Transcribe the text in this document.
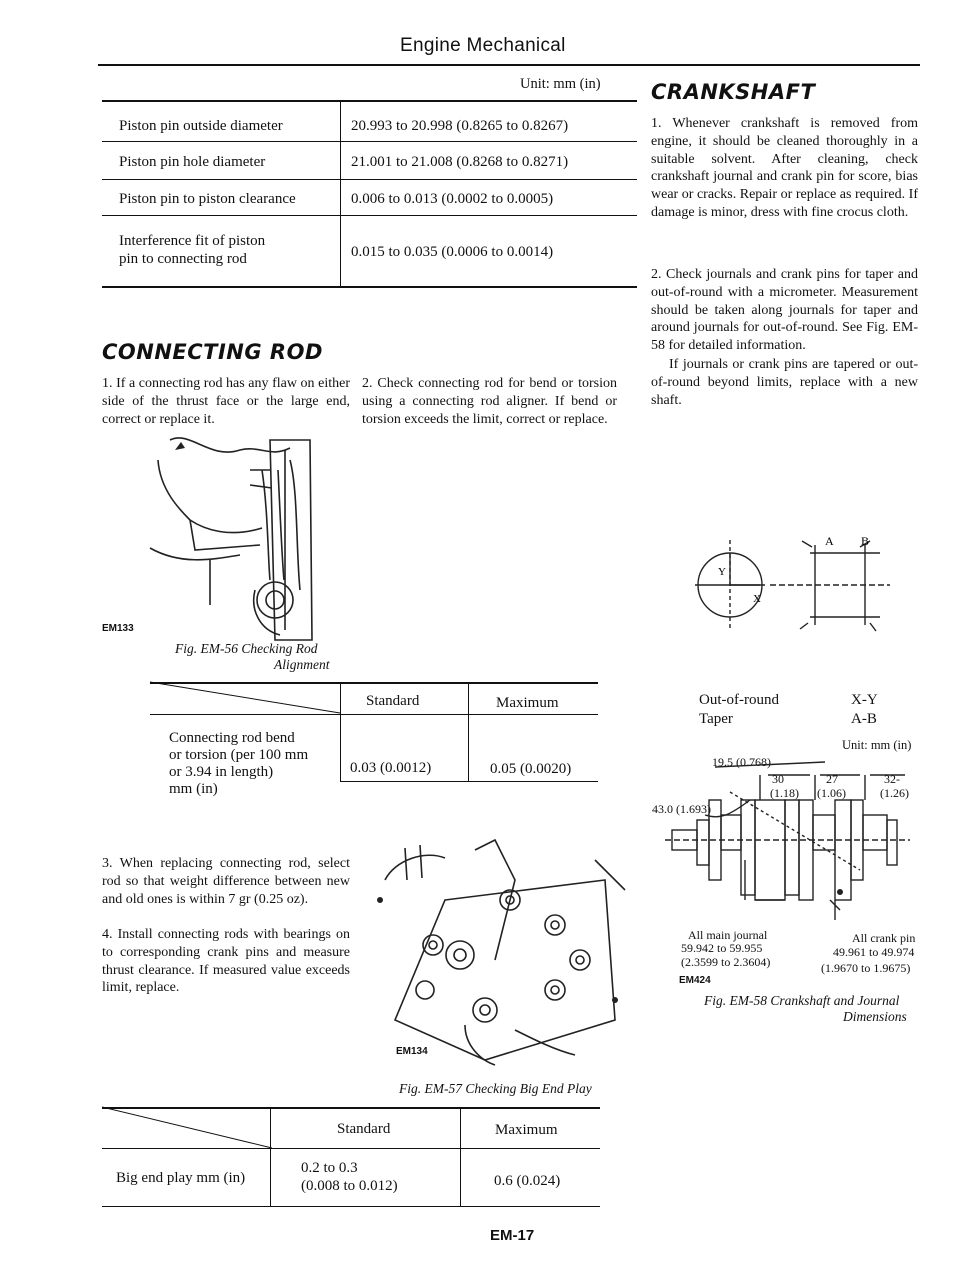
Engine Mechanical
Unit: mm (in)
Piston pin outside diameter	20.993 to 20.998 (0.8265 to 0.8267)
Piston pin hole diameter	21.001 to 21.008 (0.8268 to 0.8271)
Piston pin to piston clearance	0.006 to 0.013 (0.0002 to 0.0005)
Interference fit of piston
pin to connecting rod	0.015 to 0.035 (0.0006 to 0.0014)
CONNECTING ROD
1. If a connecting rod has any flaw on either side of the thrust face or the large end, correct or replace it.
2. Check connecting rod for bend or torsion using a connecting rod aligner. If bend or torsion exceeds the limit, correct or replace.
EM133
Fig. EM-56 Checking Rod
Alignment
Standard	Maximum
Connecting rod bend
or torsion (per 100 mm
or 3.94 in length)
mm (in)
0.03 (0.0012)	0.05 (0.0020)
3. When replacing connecting rod, select rod so that weight difference between new and old ones is within 7 gr (0.25 oz).
4. Install connecting rods with bearings on to corresponding crank pins and measure thrust clearance. If measured value exceeds limit, replace.
EM134
Fig. EM-57 Checking Big End Play
Standard	Maximum
Big end play mm (in)
0.2 to 0.3
(0.008 to 0.012)	0.6 (0.024)
EM-17
CRANKSHAFT
1. Whenever crankshaft is removed from engine, it should be cleaned thoroughly in a suitable solvent. After cleaning, check crankshaft journal and crank pin for score, bias wear or cracks. Repair or replace as required. If damage is minor, dress with fine crocus cloth.
2. Check journals and crank pins for taper and out-of-round with a micrometer. Measurement should be taken along journals for taper and around journals for out-of-round. See Fig. EM-58 for detailed information.
If journals or crank pins are tapered or out-of-round beyond limits, replace with a new shaft.
A B
Y
X
Out-of-round	X-Y
Taper	A-B
Unit: mm (in)
19.5 (0.768)
30
(1.18)
27
(1.06)
32-
(1.26)
43.0 (1.693)
All main journal
59.942 to 59.955
(2.3599 to 2.3604)
All crank pin
49.961 to 49.974
(1.9670 to 1.9675)
EM424
Fig. EM-58 Crankshaft and Journal
Dimensions
